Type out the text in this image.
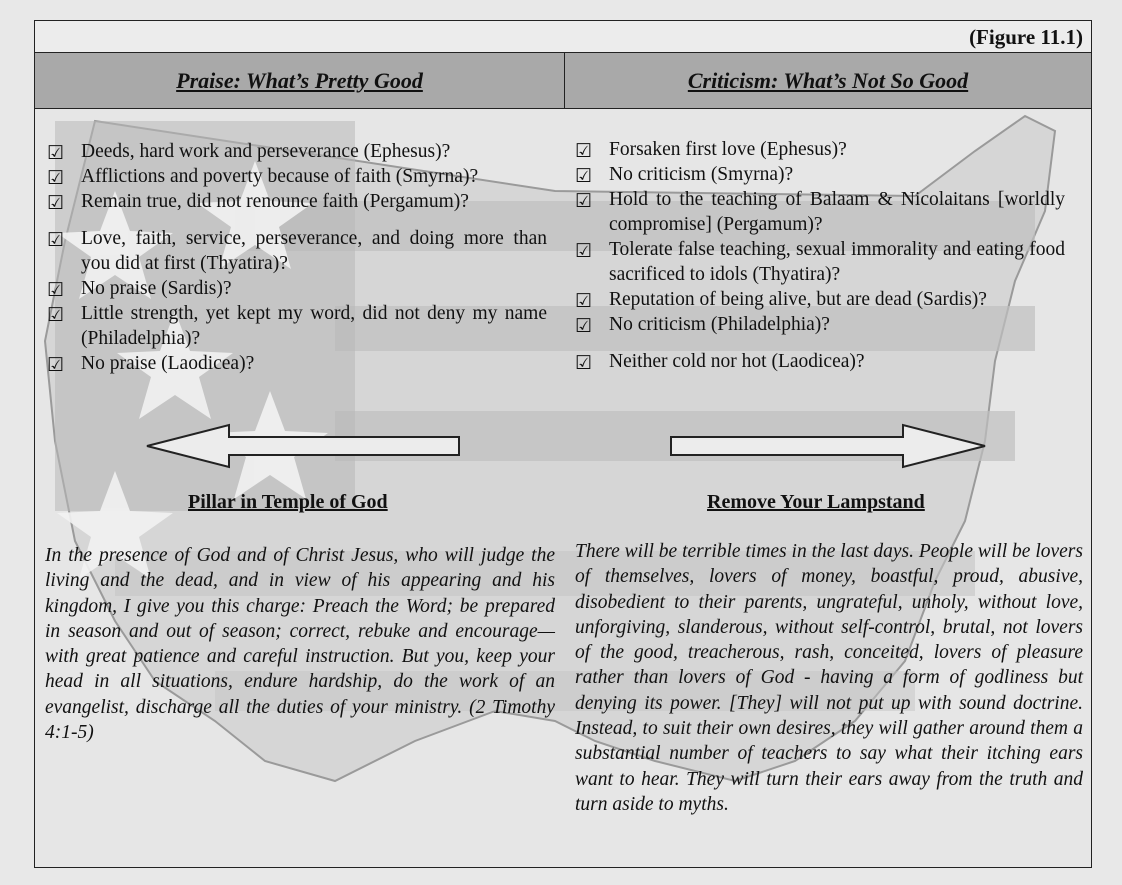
(Figure 11.1)
Praise: What’s Pretty Good	Criticism: What’s Not So Good
☑ Deeds, hard work and perseverance (Ephesus)?
☑ Afflictions and poverty because of faith (Smyrna)?
☑ Remain true, did not renounce faith (Pergamum)?
☑ Love, faith, service, perseverance, and doing more than you did at first (Thyatira)?
☑ No praise (Sardis)?
☑ Little strength, yet kept my word, did not deny my name (Philadelphia)?
☑ No praise (Laodicea)?
☑ Forsaken first love (Ephesus)?
☑ No criticism (Smyrna)?
☑ Hold to the teaching of Balaam & Nicolaitans [worldly compromise] (Pergamum)?
☑ Tolerate false teaching, sexual immorality and eating food sacrificed to idols (Thyatira)?
☑ Reputation of being alive, but are dead (Sardis)?
☑ No criticism (Philadelphia)?
☑ Neither cold nor hot (Laodicea)?
Pillar in Temple of God	Remove Your Lampstand

In the presence of God and of Christ Jesus, who will judge the living and the dead, and in view of his appearing and his kingdom, I give you this charge: Preach the Word; be prepared in season and out of season; correct, rebuke and encourage—with great patience and careful instruction. But you, keep your head in all situations, endure hardship, do the work of an evangelist, discharge all the duties of your ministry. (2 Timothy 4:1-5)

There will be terrible times in the last days. People will be lovers of themselves, lovers of money, boastful, proud, abusive, disobedient to their parents, ungrateful, unholy, without love, unforgiving, slanderous, without self-control, brutal, not lovers of the good, treacherous, rash, conceited, lovers of pleasure rather than lovers of God - having a form of godliness but denying its power. [They] will not put up with sound doctrine. Instead, to suit their own desires, they will gather around them a substantial number of teachers to say what their itching ears want to hear. They will turn their ears away from the truth and turn aside to myths.
